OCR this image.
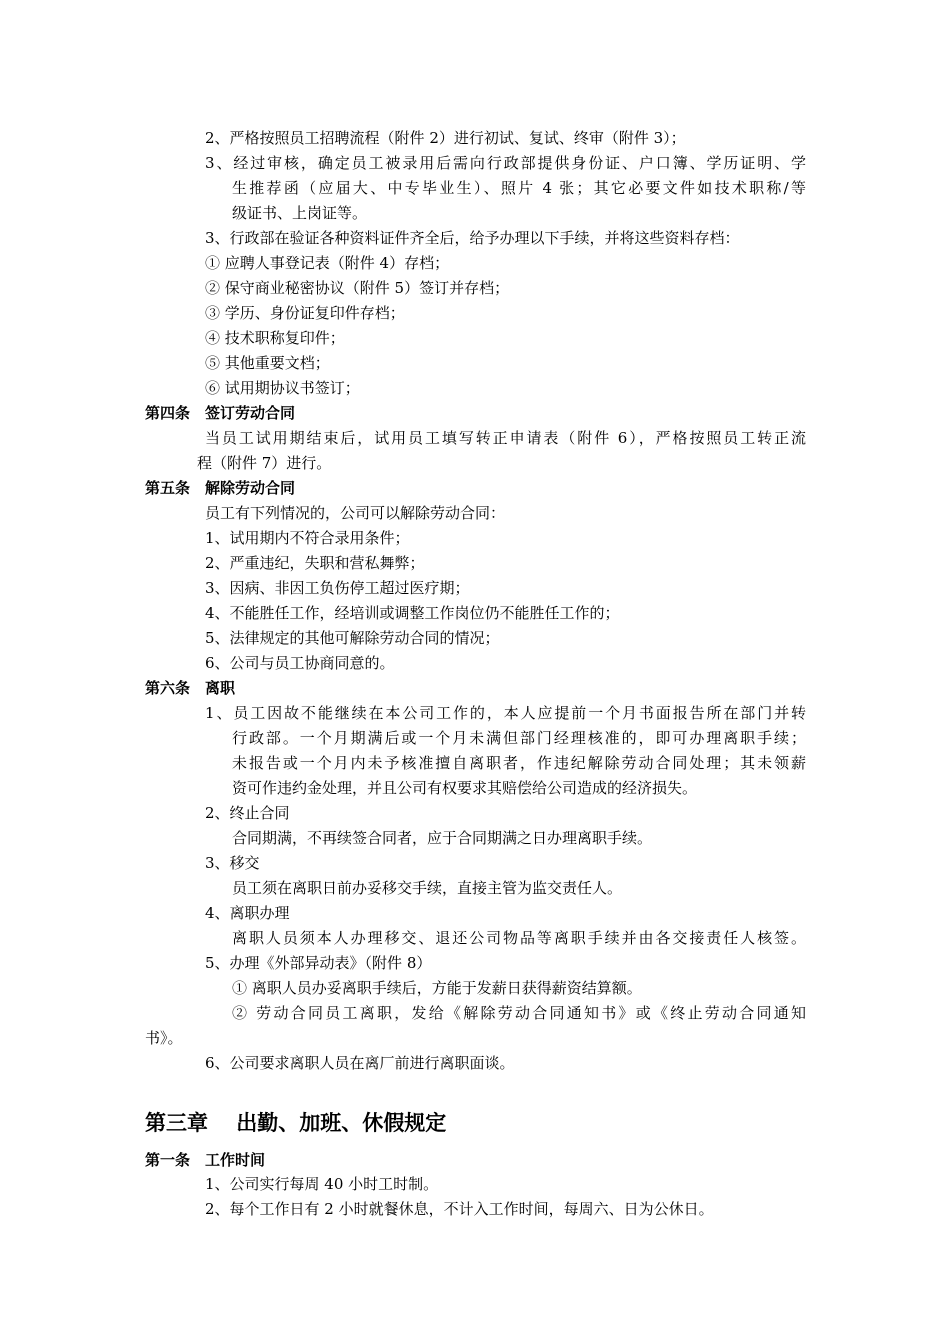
2、严格按照员工招聘流程（附件 2）进行初试、复试、终审（附件 3）；
3、经过审核，确定员工被录用后需向行政部提供身份证、户口簿、学历证明、学
生推荐函（应届大、中专毕业生）、照片 4 张；其它必要文件如技术职称/等
级证书、上岗证等。
3、行政部在验证各种资料证件齐全后，给予办理以下手续，并将这些资料存档：
① 应聘人事登记表（附件 4）存档；
② 保守商业秘密协议（附件 5）签订并存档；
③ 学历、身份证复印件存档；
④ 技术职称复印件；
⑤ 其他重要文档；
⑥ 试用期协议书签订；
第四条　签订劳动合同
当员工试用期结束后，试用员工填写转正申请表（附件 6），严格按照员工转正流
程（附件 7）进行。
第五条　解除劳动合同
员工有下列情况的，公司可以解除劳动合同：
1、试用期内不符合录用条件；
2、严重违纪，失职和营私舞弊；
3、因病、非因工负伤停工超过医疗期；
4、不能胜任工作，经培训或调整工作岗位仍不能胜任工作的；
5、法律规定的其他可解除劳动合同的情况；
6、公司与员工协商同意的。
第六条　离职
1、员工因故不能继续在本公司工作的，本人应提前一个月书面报告所在部门并转
行政部。一个月期满后或一个月未满但部门经理核准的，即可办理离职手续；
未报告或一个月内未予核准擅自离职者，作违纪解除劳动合同处理；其未领薪
资可作违约金处理，并且公司有权要求其赔偿给公司造成的经济损失。
2、终止合同
合同期满，不再续签合同者，应于合同期满之日办理离职手续。
3、移交
员工须在离职日前办妥移交手续，直接主管为监交责任人。
4、离职办理
离职人员须本人办理移交、退还公司物品等离职手续并由各交接责任人核签。
5、办理《外部异动表》（附件 8）
① 离职人员办妥离职手续后，方能于发薪日获得薪资结算额。
② 劳动合同员工离职，发给《解除劳动合同通知书》或《终止劳动合同通知
书》。
6、公司要求离职人员在离厂前进行离职面谈。
第三章　 出勤、加班、休假规定
第一条　工作时间
1、公司实行每周 40 小时工时制。
2、每个工作日有 2 小时就餐休息，不计入工作时间，每周六、日为公休日。
